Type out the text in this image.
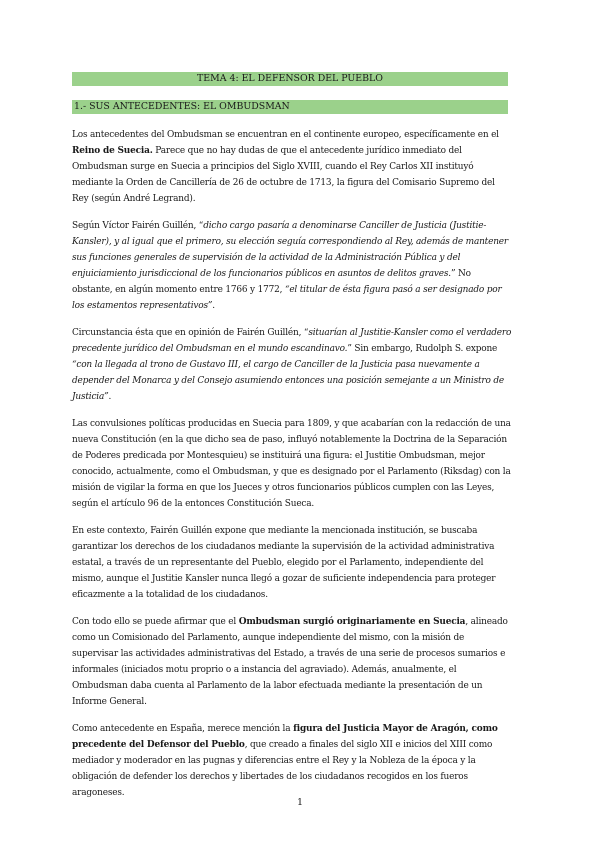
TEMA 4: EL DEFENSOR DEL PUEBLO
1.- SUS ANTECEDENTES: EL OMBUDSMAN

Los antecedentes del Ombudsman se encuentran en el continente europeo, específicamente en el Reino de Suecia. Parece que no hay dudas de que el antecedente jurídico inmediato del Ombudsman surge en Suecia a principios del Siglo XVIII, cuando el Rey Carlos XII instituyó mediante la Orden de Cancillería de 26 de octubre de 1713, la figura del Comisario Supremo del Rey (según André Legrand).

Según Víctor Fairén Guillén, “dicho cargo pasaría a denominarse Canciller de Justicia (Justitie-Kansler), y al igual que el primero, su elección seguía correspondiendo al Rey, además de mantener sus funciones generales de supervisión de la actividad de la Administración Pública y del enjuiciamiento jurisdiccional de los funcionarios públicos en asuntos de delitos graves.” No obstante, en algún momento entre 1766 y 1772, “el titular de ésta figura pasó a ser designado por los estamentos representativos”.

Circunstancia ésta que en opinión de Fairén Guillén, “situarían al Justitie-Kansler como el verdadero precedente jurídico del Ombudsman en el mundo escandinavo.” Sin embargo, Rudolph S. expone “con la llegada al trono de Gustavo III, el cargo de Canciller de la Justicia pasa nuevamente a depender del Monarca y del Consejo asumiendo entonces una posición semejante a un Ministro de Justicia”.

Las convulsiones políticas producidas en Suecia para 1809, y que acabarían con la redacción de una nueva Constitución (en la que dicho sea de paso, influyó notablemente la Doctrina de la Separación de Poderes predicada por Montesquieu) se instituirá una figura: el Justitie Ombudsman, mejor conocido, actualmente, como el Ombudsman, y que es designado por el Parlamento (Riksdag) con la misión de vigilar la forma en que los Jueces y otros funcionarios públicos cumplen con las Leyes, según el artículo 96 de la entonces Constitución Sueca.

En este contexto, Fairén Guillén expone que mediante la mencionada institución, se buscaba garantizar los derechos de los ciudadanos mediante la supervisión de la actividad administrativa estatal, a través de un representante del Pueblo, elegido por el Parlamento, independiente del mismo, aunque el Justitie Kansler nunca llegó a gozar de suficiente independencia para proteger eficazmente a la totalidad de los ciudadanos.

Con todo ello se puede afirmar que el Ombudsman surgió originariamente en Suecia, alineado como un Comisionado del Parlamento, aunque independiente del mismo, con la misión de supervisar las actividades administrativas del Estado, a través de una serie de procesos sumarios e informales (iniciados motu proprio o a instancia del agraviado). Además, anualmente, el Ombudsman daba cuenta al Parlamento de la labor efectuada mediante la presentación de un Informe General.

Como antecedente en España, merece mención la figura del Justicia Mayor de Aragón, como precedente del Defensor del Pueblo, que creado a finales del siglo XII e inicios del XIII como mediador y moderador en las pugnas y diferencias entre el Rey y la Nobleza de la época y la obligación de defender los derechos y libertades de los ciudadanos recogidos en los fueros aragoneses.

1
